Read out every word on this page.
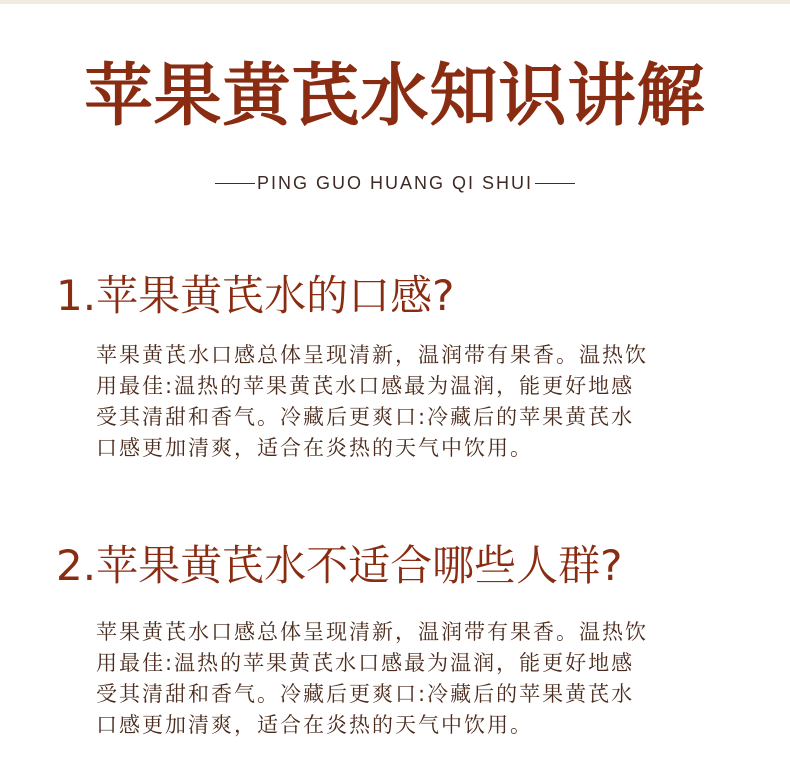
苹果黄芪水知识讲解
PING GUO HUANG QI SHUI
1.苹果黄芪水的口感?

苹果黄芪水口感总体呈现清新，温润带有果香。温热饮
用最佳:温热的苹果黄芪水口感最为温润，能更好地感
受其清甜和香气。冷藏后更爽口:冷藏后的苹果黄芪水
口感更加清爽，适合在炎热的天气中饮用。

2.苹果黄芪水不适合哪些人群?

苹果黄芪水口感总体呈现清新，温润带有果香。温热饮
用最佳:温热的苹果黄芪水口感最为温润，能更好地感
受其清甜和香气。冷藏后更爽口:冷藏后的苹果黄芪水
口感更加清爽，适合在炎热的天气中饮用。
